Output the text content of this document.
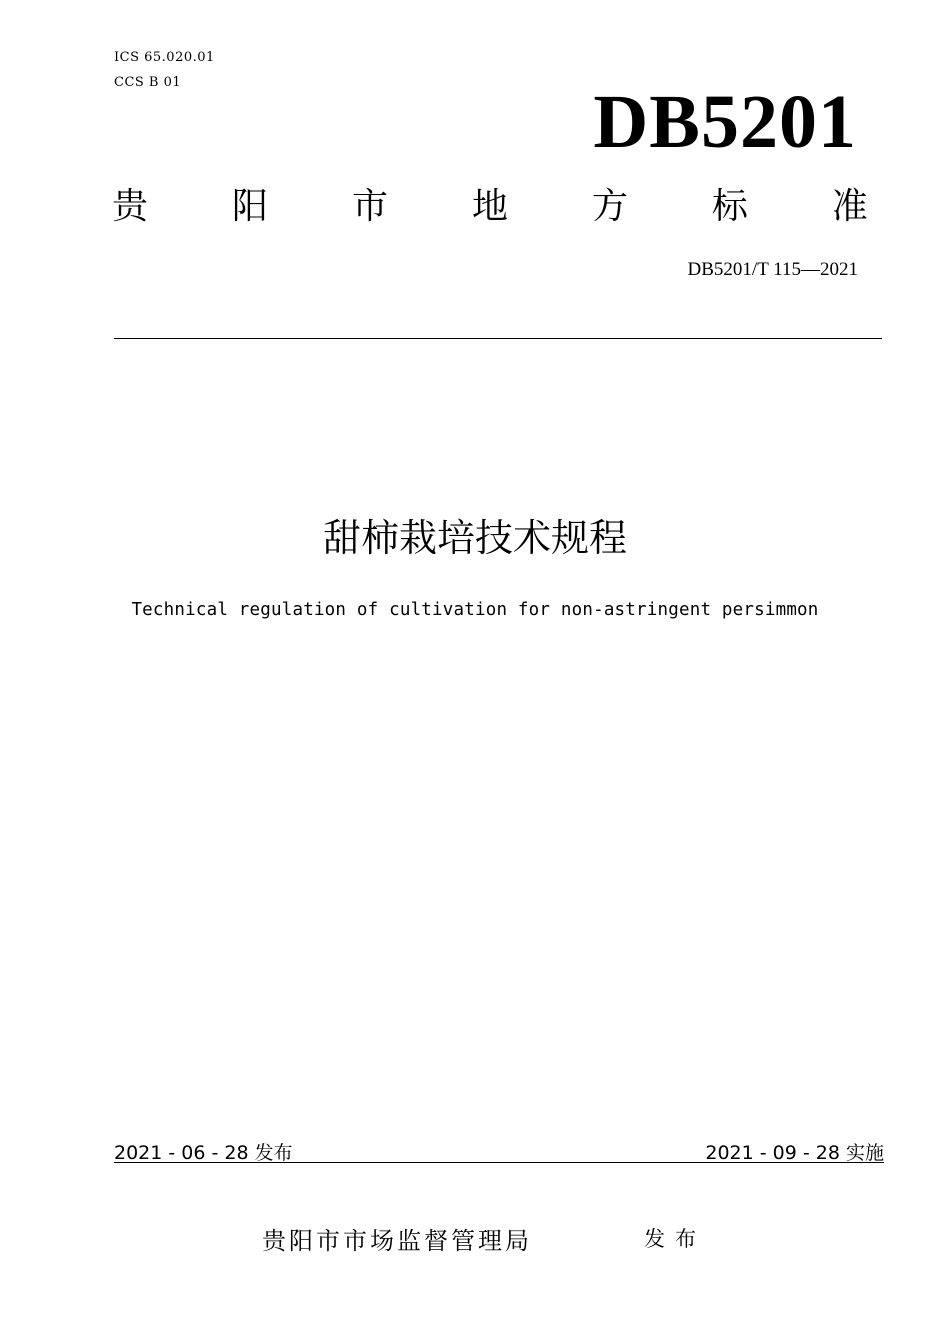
ICS 65.020.01
CCS B 01	DB5201
贵 阳 市 地 方 标 准
DB5201/T 115—2021
甜柿栽培技术规程
Technical regulation of cultivation for non-astringent persimmon
2021 - 06 - 28 发布	2021 - 09 - 28 实施
贵阳市市场监督管理局	发布
